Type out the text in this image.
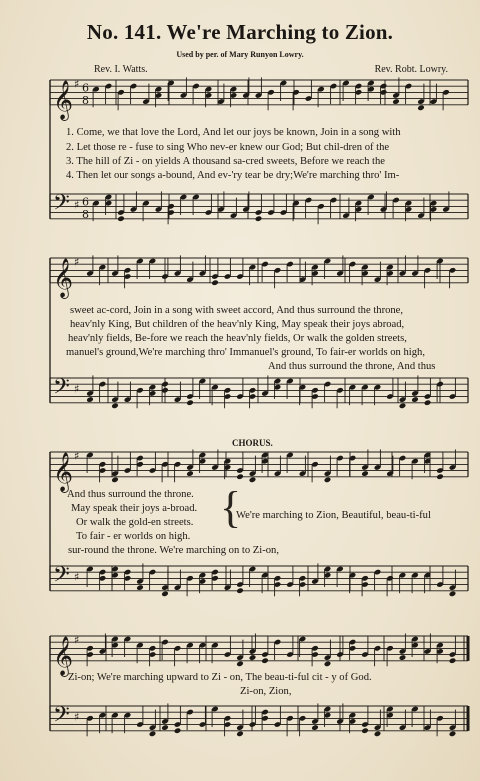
No. 141. We're Marching to Zion.
Used by per. of Mary Runyon Lowry.
Rev. I. Watts.	Rev. Robt. Lowry.
CHORUS.
𝄞 ♯ 6
8
𝄢 ♯ 6
8
𝄞 ♯
𝄢 ♯
𝄞 ♯
𝄢 ♯
𝄞 ♯
𝄢 ♯
1. Come, we that love the Lord, And let our joys be known, Join in a song with
2. Let those re - fuse to sing Who nev-er knew our God; But chil-dren of the
3. The hill of Zi - on yields A thousand sa-cred sweets, Before we reach the
4. Then let our songs a-bound, And ev-'ry tear be dry;We're marching thro' Im-
sweet ac-cord, Join in a song with sweet accord, And thus surround the throne,
heav'nly King, But children of the heav'nly King, May speak their joys abroad,
heav'nly fields, Be-fore we reach the heav'nly fields, Or walk the golden streets,
manuel's ground,We're marching thro' Immanuel's ground, To fair-er worlds on high,
And thus surround the throne, And thus
And thus surround the throne.
May speak their joys a-broad.
Or walk the gold-en streets.
To fair - er worlds on high.
{
We're marching to Zion, Beautiful, beau-ti-ful
sur-round the throne. We're marching on to Zi-on,
Zi-on; We're marching upward to Zi - on, The beau-ti-ful cit - y of God.
Zi-on, Zion,
